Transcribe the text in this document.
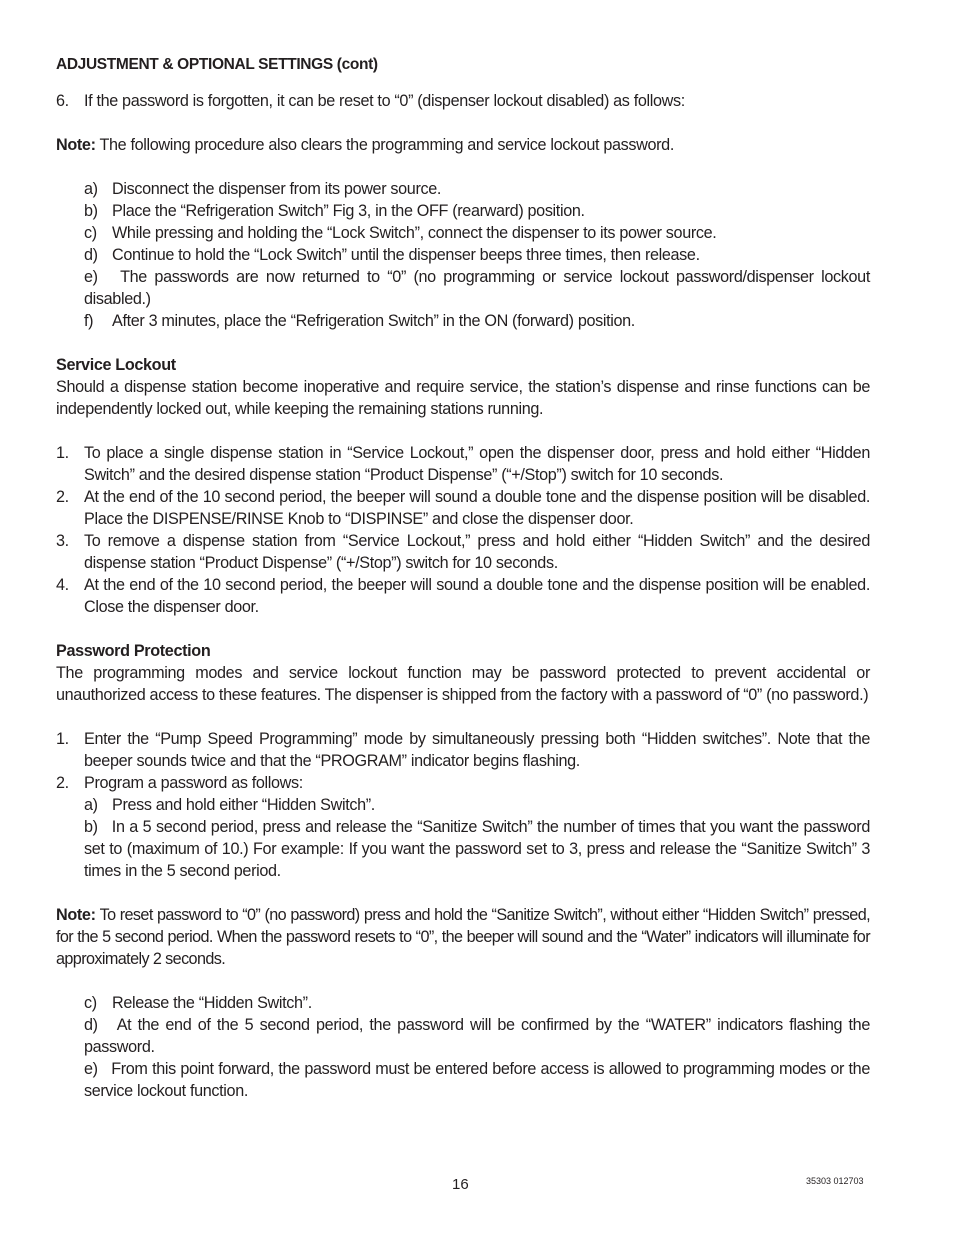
ADJUSTMENT & OPTIONAL SETTINGS (cont)

6. If the password is forgotten, it can be reset to “0” (dispenser lockout disabled) as follows:

Note: The following procedure also clears the programming and service lockout password.

a) Disconnect the dispenser from its power source.
b) Place the “Refrigeration Switch” Fig 3, in the OFF (rearward) position.
c) While pressing and holding the “Lock Switch”, connect the dispenser to its power source.
d) Continue to hold the “Lock Switch” until the dispenser beeps three times, then release.

e) The passwords are now returned to “0” (no programming or service lockout password/dispenser lockout disabled.)

f)	After 3 minutes, place the “Refrigeration Switch” in the ON (forward) position.

Service Lockout

Should a dispense station become inoperative and require service, the station’s dispense and rinse functions can be independently locked out, while keeping the remaining stations running.

1. To place a single dispense station in “Service Lockout,” open the dispenser door, press and hold either “Hidden Switch” and the desired dispense station “Product Dispense” (“+/Stop”) switch for 10 seconds.
2. At the end of the 10 second period, the beeper will sound a double tone and the dispense position will be disabled. Place the DISPENSE/RINSE Knob to “DISPINSE” and close the dispenser door.
3. To remove a dispense station from “Service Lockout,” press and hold either “Hidden Switch” and the desired dispense station “Product Dispense” (“+/Stop”) switch for 10 seconds.
4. At the end of the 10 second period, the beeper will sound a double tone and the dispense position will be enabled. Close the dispenser door.

Password Protection

The programming modes and service lockout function may be password protected to prevent accidental or unauthorized access to these features. The dispenser is shipped from the factory with a password of “0” (no password.)

1. Enter the “Pump Speed Programming” mode by simultaneously pressing both “Hidden switches”. Note that the beeper sounds twice and that the “PROGRAM” indicator begins flashing.
2. Program a password as follows:
a) Press and hold either “Hidden Switch”.

b) In a 5 second period, press and release the “Sanitize Switch” the number of times that you want the password set to (maximum of 10.) For example: If you want the password set to 3, press and release the “Sanitize Switch” 3 times in the 5 second period.

Note: To reset password to “0” (no password) press and hold the “Sanitize Switch”, without either “Hidden Switch” pressed, for the 5 second period. When the password resets to “0”, the beeper will sound and the “Water” indicators will illuminate for approximately 2 seconds.

c) Release the “Hidden Switch”.

d) At the end of the 5 second period, the password will be confirmed by the “WATER” indicators flashing the password.

e) From this point forward, the password must be entered before access is allowed to programming modes or the service lockout function.

16	35303 012703
